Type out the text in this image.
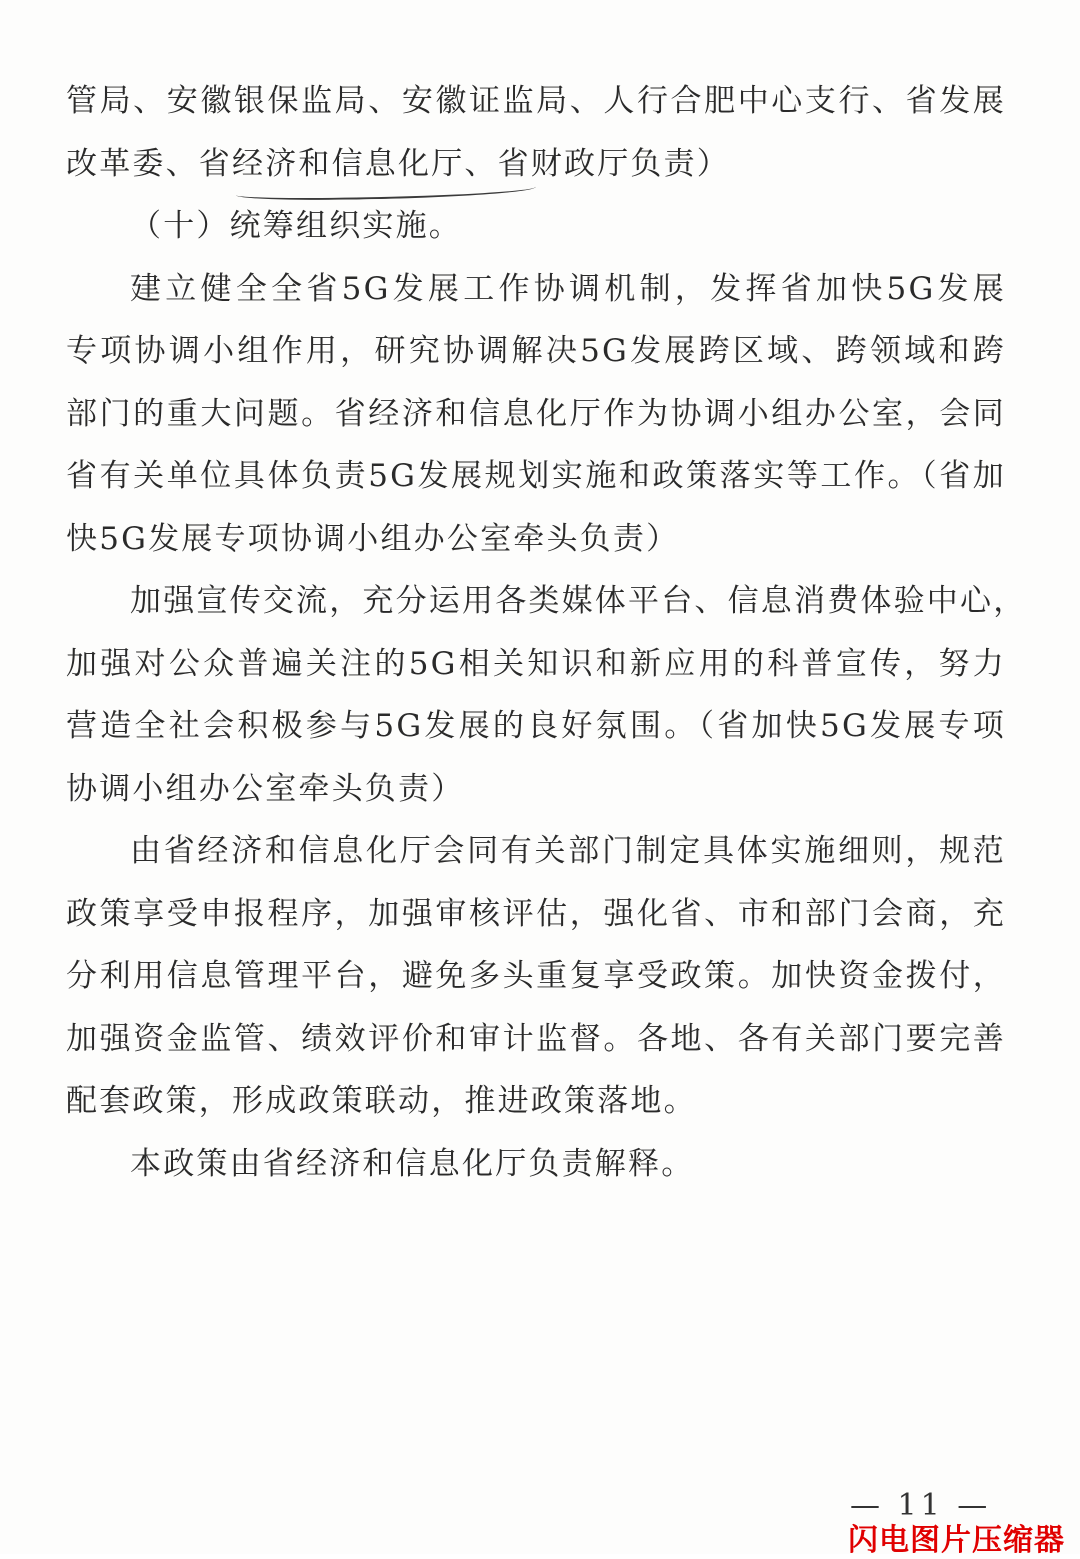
管局、安徽银保监局、安徽证监局、人行合肥中心支行、省发展
改革委、省经济和信息化厅、省财政厅负责）
（十）统筹组织实施。
建立健全全省5G发展工作协调机制，发挥省加快5G发展
专项协调小组作用，研究协调解决5G发展跨区域、跨领域和跨
部门的重大问题。省经济和信息化厅作为协调小组办公室，会同
省有关单位具体负责5G发展规划实施和政策落实等工作。（省加
快5G发展专项协调小组办公室牵头负责）
加强宣传交流，充分运用各类媒体平台、信息消费体验中心，
加强对公众普遍关注的5G相关知识和新应用的科普宣传，努力
营造全社会积极参与5G发展的良好氛围。（省加快5G发展专项
协调小组办公室牵头负责）
由省经济和信息化厅会同有关部门制定具体实施细则，规范
政策享受申报程序，加强审核评估，强化省、市和部门会商，充
分利用信息管理平台，避免多头重复享受政策。加快资金拨付，
加强资金监管、绩效评价和审计监督。各地、各有关部门要完善
配套政策，形成政策联动，推进政策落地。
本政策由省经济和信息化厅负责解释。
— 11 —
闪电图片压缩器
